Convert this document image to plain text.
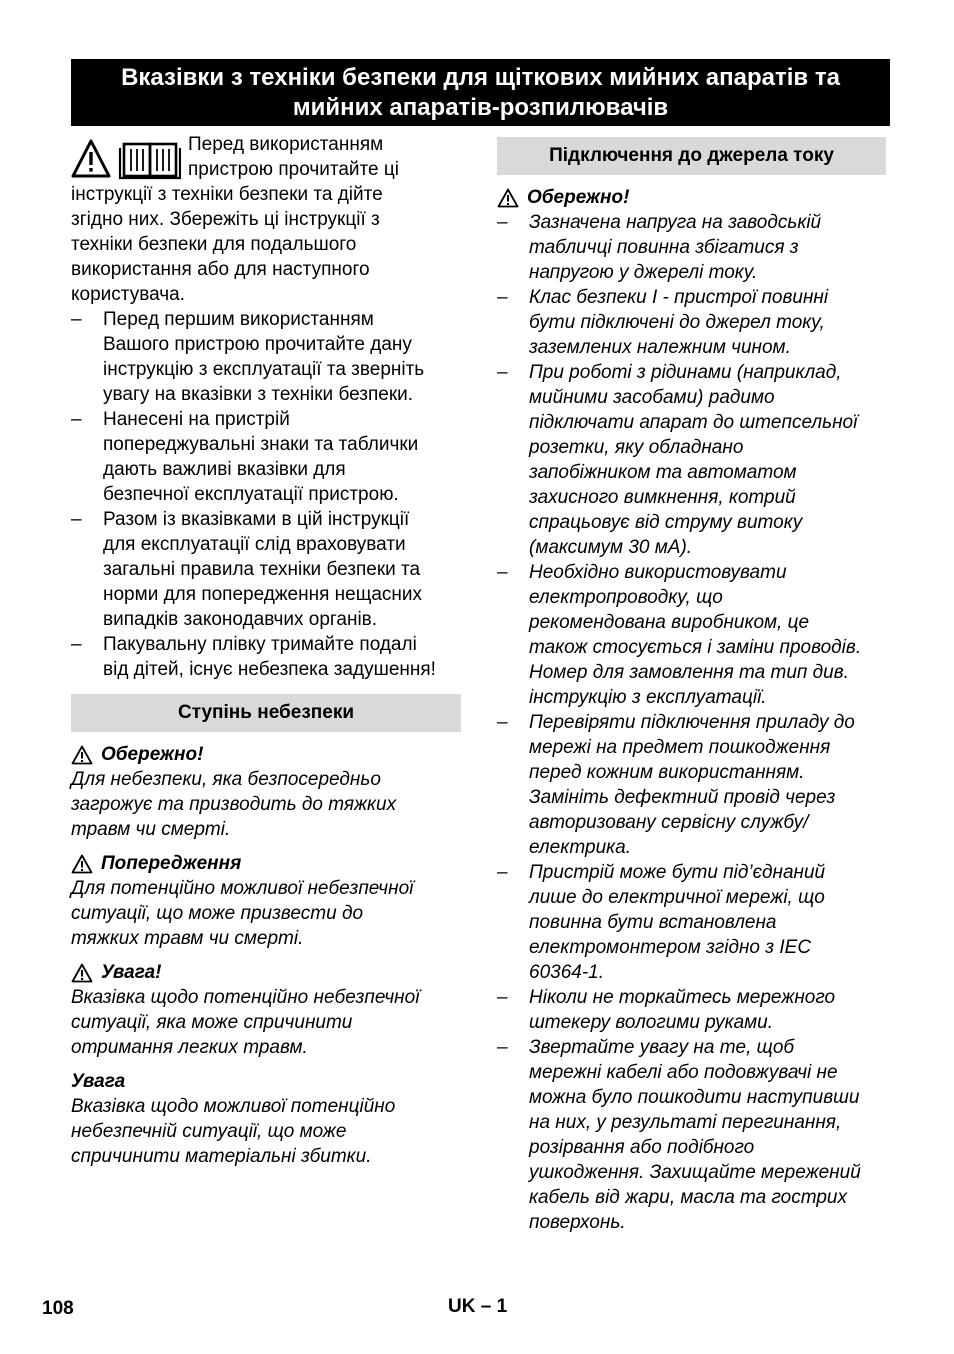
Вказівки з техніки безпеки для щіткових мийних апаратів та
мийних апаратів-розпилювачів
Перед використанням
пристрою прочитайте ці
інструкції з техніки безпеки та дійте
згідно них. Збережіть ці інструкції з
техніки безпеки для подальшого
використання або для наступного
користувача.
– Перед першим використанням
Вашого пристрою прочитайте дану
інструкцію з експлуатації та зверніть
увагу на вказівки з техніки безпеки.
– Нанесені на пристрій
попереджувальні знаки та таблички
дають важливі вказівки для
безпечної експлуатації пристрою.
– Разом із вказівками в цій інструкції
для експлуатації слід враховувати
загальні правила техніки безпеки та
норми для попередження нещасних
випадків законодавчих органів.
– Пакувальну плівку тримайте подалі
від дітей, існує небезпека задушення!
Ступінь небезпеки
Обережно!
Для небезпеки, яка безпосередньо
загрожує та призводить до тяжких
травм чи смерті.
Попередження
Для потенційно можливої небезпечної
ситуації, що може призвести до
тяжких травм чи смерті.
Увага!
Вказівка щодо потенційно небезпечної
ситуації, яка може спричинити
отримання легких травм.
Увага
Вказівка щодо можливої потенційно
небезпечній ситуації, що може
спричинити матеріальні збитки.
Підключення до джерела току
Обережно!
– Зазначена напруга на заводській
табличці повинна збігатися з
напругою у джерелі току.
– Клас безпеки I - пристрої повинні
бути підключені до джерел току,
заземлених належним чином.
– При роботі з рідинами (наприклад,
мийними засобами) радимо
підключати апарат до штепсельної
розетки, яку обладнано
запобіжником та автоматом
захисного вимкнення, котрий
спрацьовує від струму витоку
(максимум 30 мА).
– Необхідно використовувати
електропроводку, що
рекомендована виробником, це
також стосується і заміни проводів.
Номер для замовлення та тип див.
інструкцію з експлуатації.
– Перевіряти підключення приладу до
мережі на предмет пошкодження
перед кожним використанням.
Замініть дефектний провід через
авторизовану сервісну службу/
електрика.
– Пристрій може бути під’єднаний
лише до електричної мережі, що
повинна бути встановлена
електромонтером згідно з IEC
60364-1.
– Ніколи не торкайтесь мережного
штекеру вологими руками.
– Звертайте увагу на те, щоб
мережні кабелі або подовжувачі не
можна було пошкодити наступивши
на них, у результаті перегинання,
розірвання або подібного
ушкодження. Захищайте мережений
кабель від жари, масла та гострих
поверхонь.
108	UK – 1
